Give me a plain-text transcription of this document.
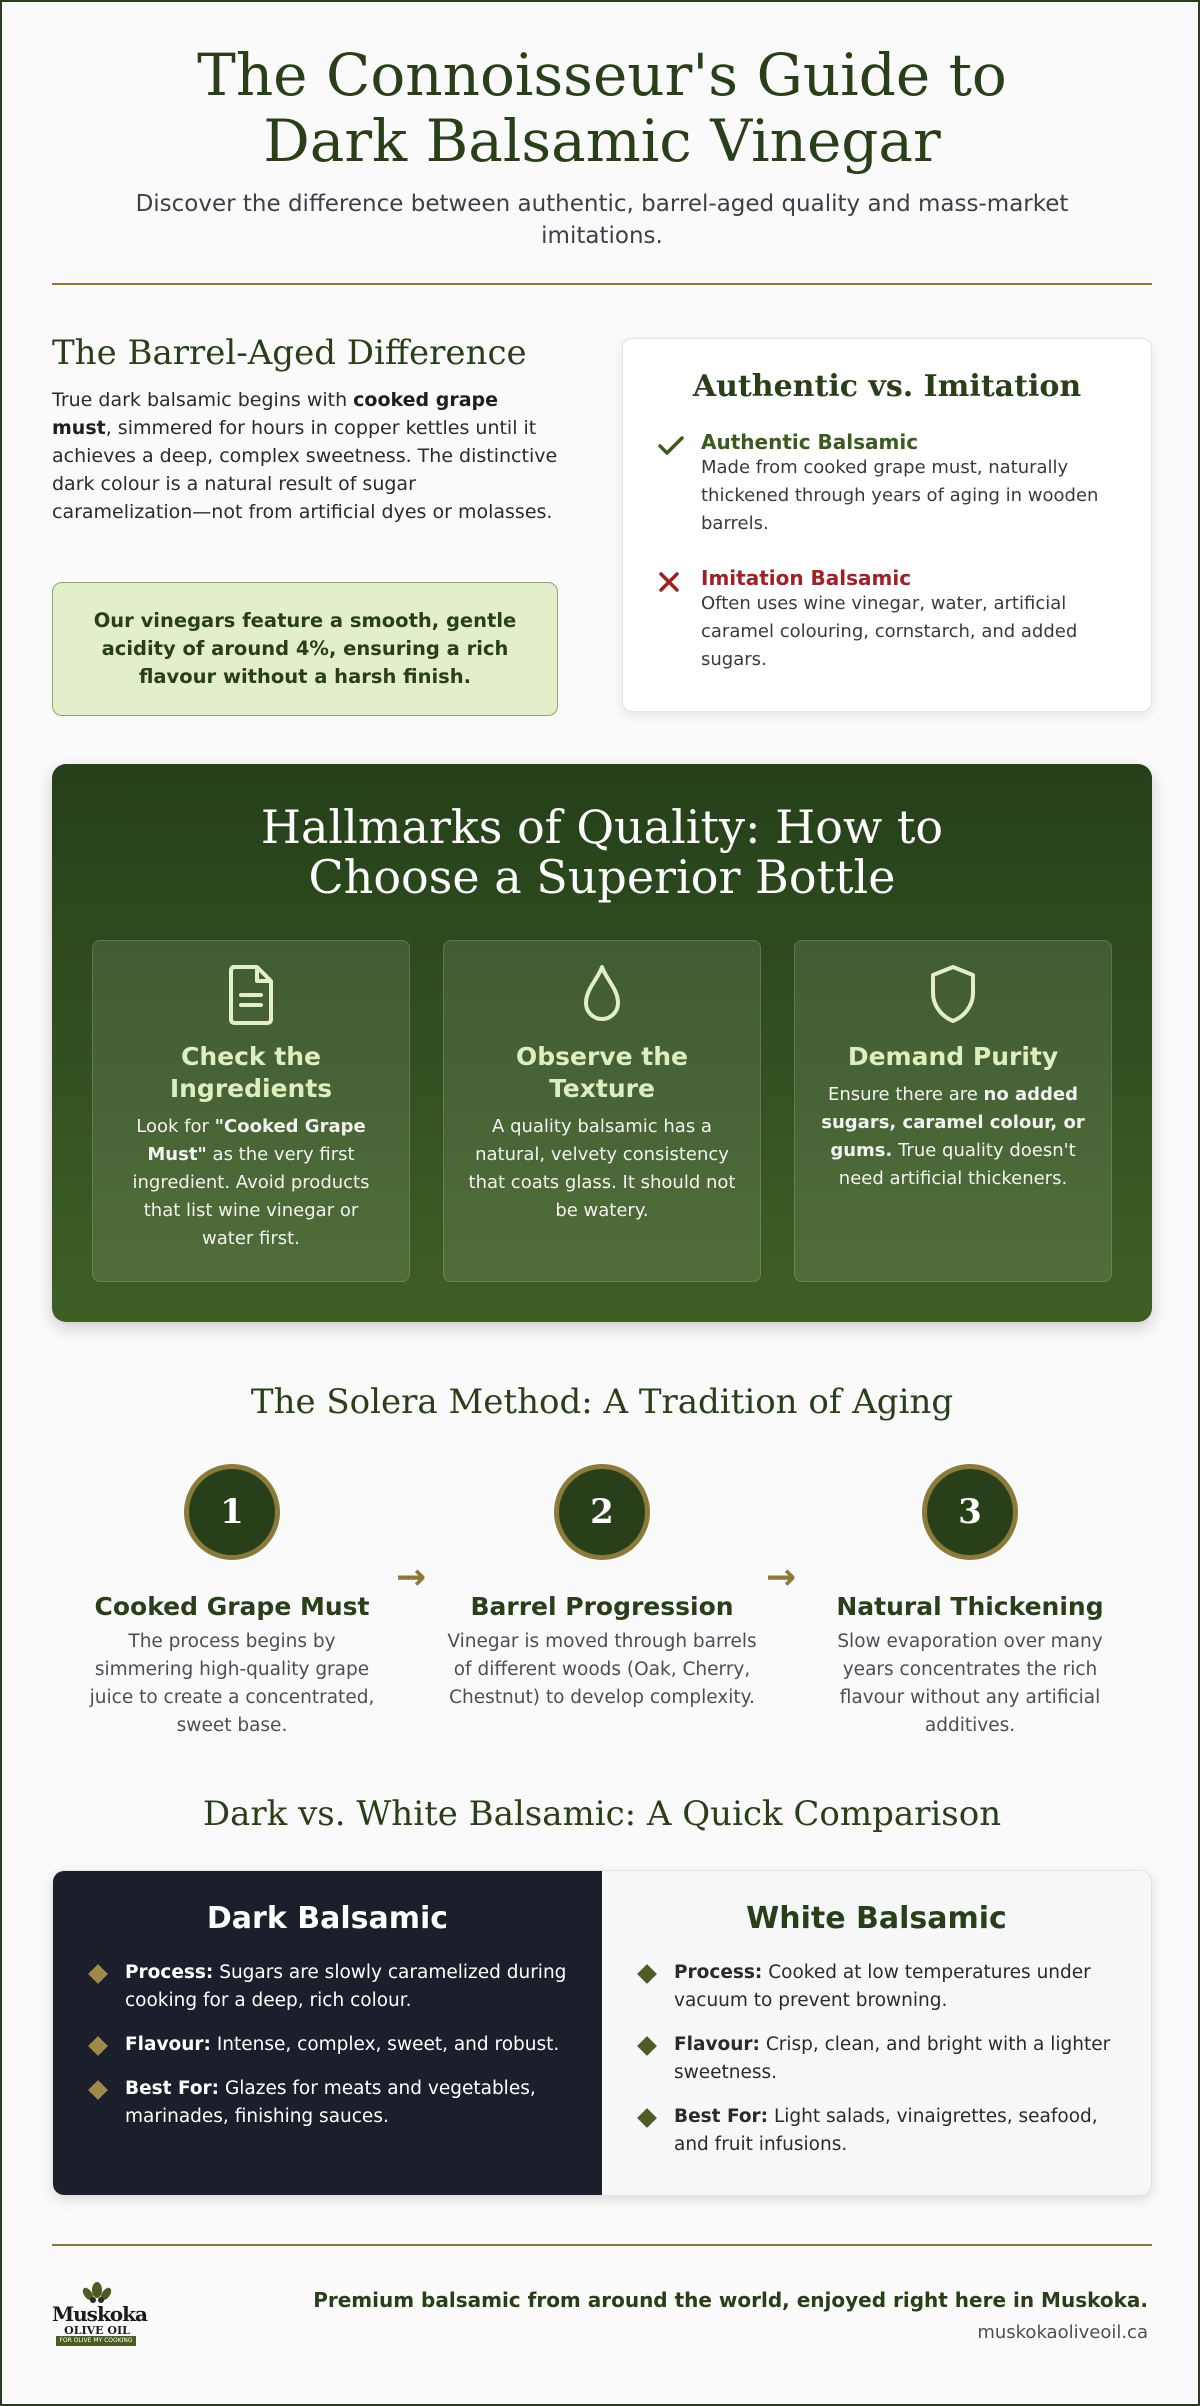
The Connoisseur's Guide to Dark Balsamic Vinegar

Discover the difference between authentic, barrel-aged quality and mass-market imitations.

The Barrel-Aged Difference

True dark balsamic begins with cooked grape must, simmered for hours in copper kettles until it achieves a deep, complex sweetness. The distinctive dark colour is a natural result of sugar caramelization—not from artificial dyes or molasses.

Our vinegars feature a smooth, gentle acidity of around 4%, ensuring a rich flavour without a harsh finish.
Authentic vs. Imitation
Authentic Balsamic
Made from cooked grape must, naturally thickened through years of aging in wooden barrels.
Imitation Balsamic
Often uses wine vinegar, water, artificial caramel colouring, cornstarch, and added sugars.
Hallmarks of Quality: How to Choose a Superior Bottle
Check the Ingredients

Look for "Cooked Grape Must" as the very first ingredient. Avoid products that list wine vinegar or water first.

Observe the Texture

A quality balsamic has a natural, velvety consistency that coats glass. It should not be watery.

Demand Purity

Ensure there are no added sugars, caramel colour, or gums. True quality doesn't need artificial thickeners.

The Solera Method: A Tradition of Aging
1
Cooked Grape Must

The process begins by simmering high-quality grape juice to create a concentrated, sweet base.

→
2
Barrel Progression

Vinegar is moved through barrels of different woods (Oak, Cherry, Chestnut) to develop complexity.

→
3
Natural Thickening

Slow evaporation over many years concentrates the rich flavour without any artificial additives.

Dark vs. White Balsamic: A Quick Comparison
Dark Balsamic
Process: Sugars are slowly caramelized during cooking for a deep, rich colour.
Flavour: Intense, complex, sweet, and robust.
Best For: Glazes for meats and vegetables, marinades, finishing sauces.
White Balsamic
Process: Cooked at low temperatures under vacuum to prevent browning.
Flavour: Crisp, clean, and bright with a lighter sweetness.
Best For: Light salads, vinaigrettes, seafood, and fruit infusions.
Muskoka
OLIVE OIL
FOR OLIVE MY COOKING
Premium balsamic from around the world, enjoyed right here in Muskoka.
muskokaoliveoil.ca
